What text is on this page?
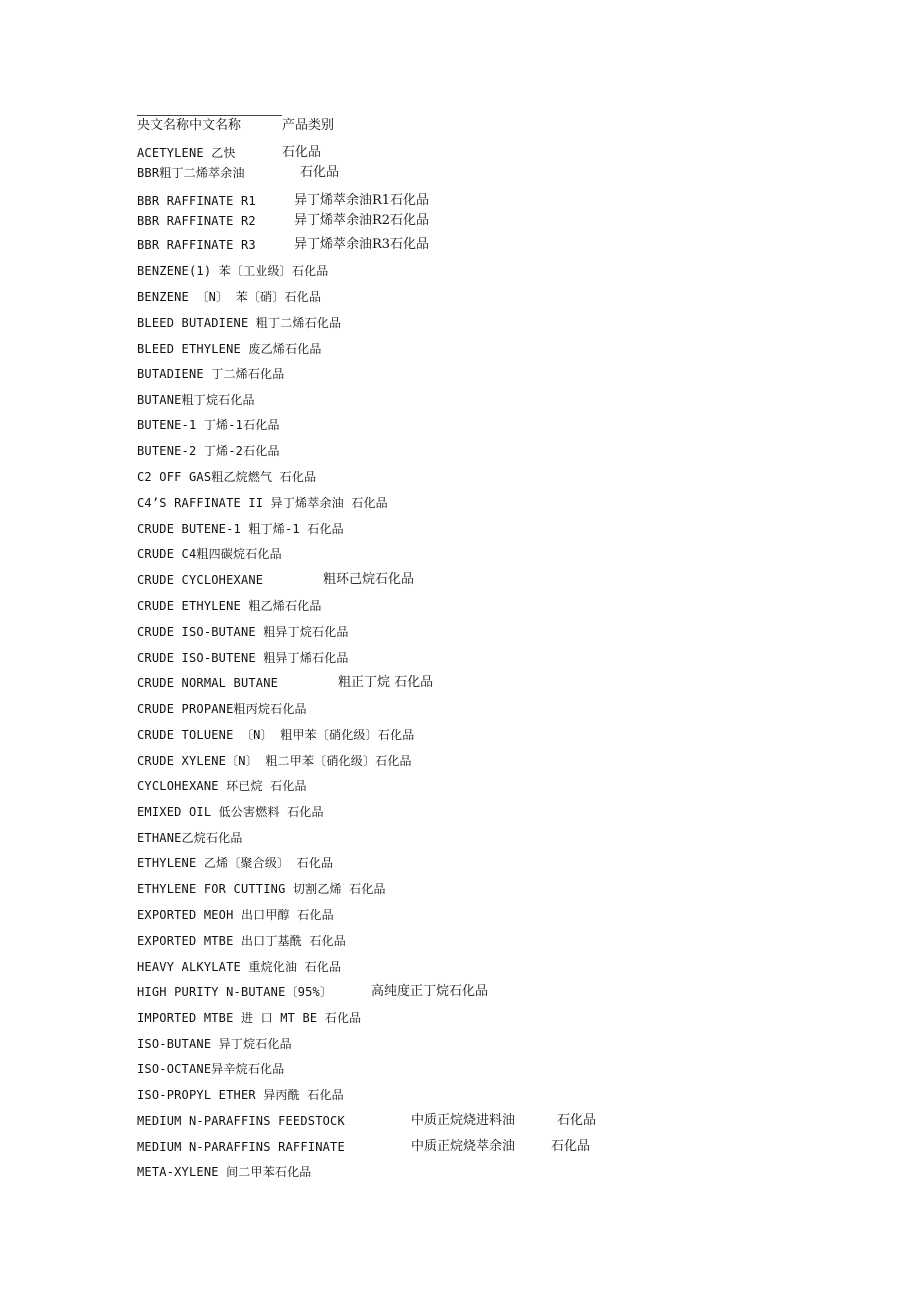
央文名称中文名称

	产品类别

ACETYLENE 乙快	石化品
BBR粗丁二烯萃余油	石化品
BBR RAFFINATE R1	异丁烯萃余油R1石化品
BBR RAFFINATE R2	异丁烯萃余油R2石化品
BBR RAFFINATE R3	异丁烯萃余油R3石化品
BENZENE(1) 苯〔工业级〕石化品
BENZENE 〔N〕 苯〔硝〕石化品
BLEED BUTADIENE 粗丁二烯石化品
BLEED ETHYLENE 废乙烯石化品
BUTADIENE 丁二烯石化品
BUTANE粗丁烷石化品
BUTENE-1 丁烯-1石化品
BUTENE-2 丁烯-2石化品
C2 OFF GAS粗乙烷燃气 石化品
C4’S RAFFINATE II 异丁烯萃余油 石化品
CRUDE BUTENE-1 粗丁烯-1 石化品
CRUDE C4粗四碳烷石化品
CRUDE CYCLOHEXANE	粗环己烷石化品
CRUDE ETHYLENE 粗乙烯石化品
CRUDE ISO-BUTANE 粗异丁烷石化品
CRUDE ISO-BUTENE 粗异丁烯石化品
CRUDE NORMAL BUTANE	粗正丁烷 石化品
CRUDE PROPANE粗丙烷石化品
CRUDE TOLUENE 〔N〕 粗甲苯〔硝化级〕石化品
CRUDE XYLENE〔N〕 粗二甲苯〔硝化级〕石化品
CYCLOHEXANE 环已烷 石化品
EMIXED OIL 低公害燃料 石化品
ETHANE乙烷石化品
ETHYLENE 乙烯〔聚合级〕 石化品
ETHYLENE FOR CUTTING 切割乙烯 石化品
EXPORTED MEOH 出口甲醇 石化品
EXPORTED MTBE 出口丁基酰 石化品
HEAVY ALKYLATE 重烷化油 石化品
HIGH PURITY N-BUTANE〔95%〕	高纯度正丁烷石化品
IMPORTED MTBE 进 口 MT BE 石化品
ISO-BUTANE 异丁烷石化品
ISO-OCTANE异辛烷石化品
ISO-PROPYL ETHER 异丙酰 石化品
MEDIUM N-PARAFFINS FEEDSTOCK	中质正烷烧进料油	石化品
MEDIUM N-PARAFFINS RAFFINATE	中质正烷烧萃余油	石化品
META-XYLENE 间二甲苯石化品
